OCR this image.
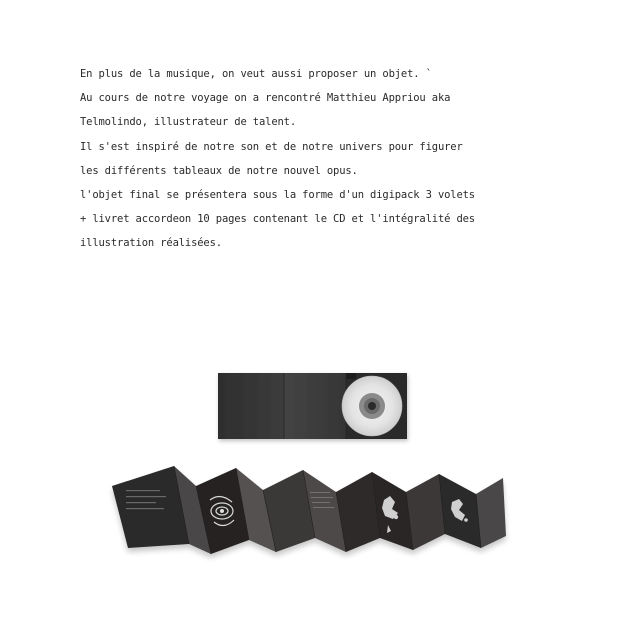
En plus de la musique, on veut aussi proposer un objet. `
Au cours de notre voyage on a rencontré Matthieu Appriou aka
Telmolindo, illustrateur de talent.
Il s'est inspiré de notre son et de notre univers pour figurer
les différents tableaux de notre nouvel opus.
l'objet final se présentera sous la forme d'un digipack 3 volets
+ livret accordeon 10 pages contenant le CD et l'intégralité des
illustration réalisées.
